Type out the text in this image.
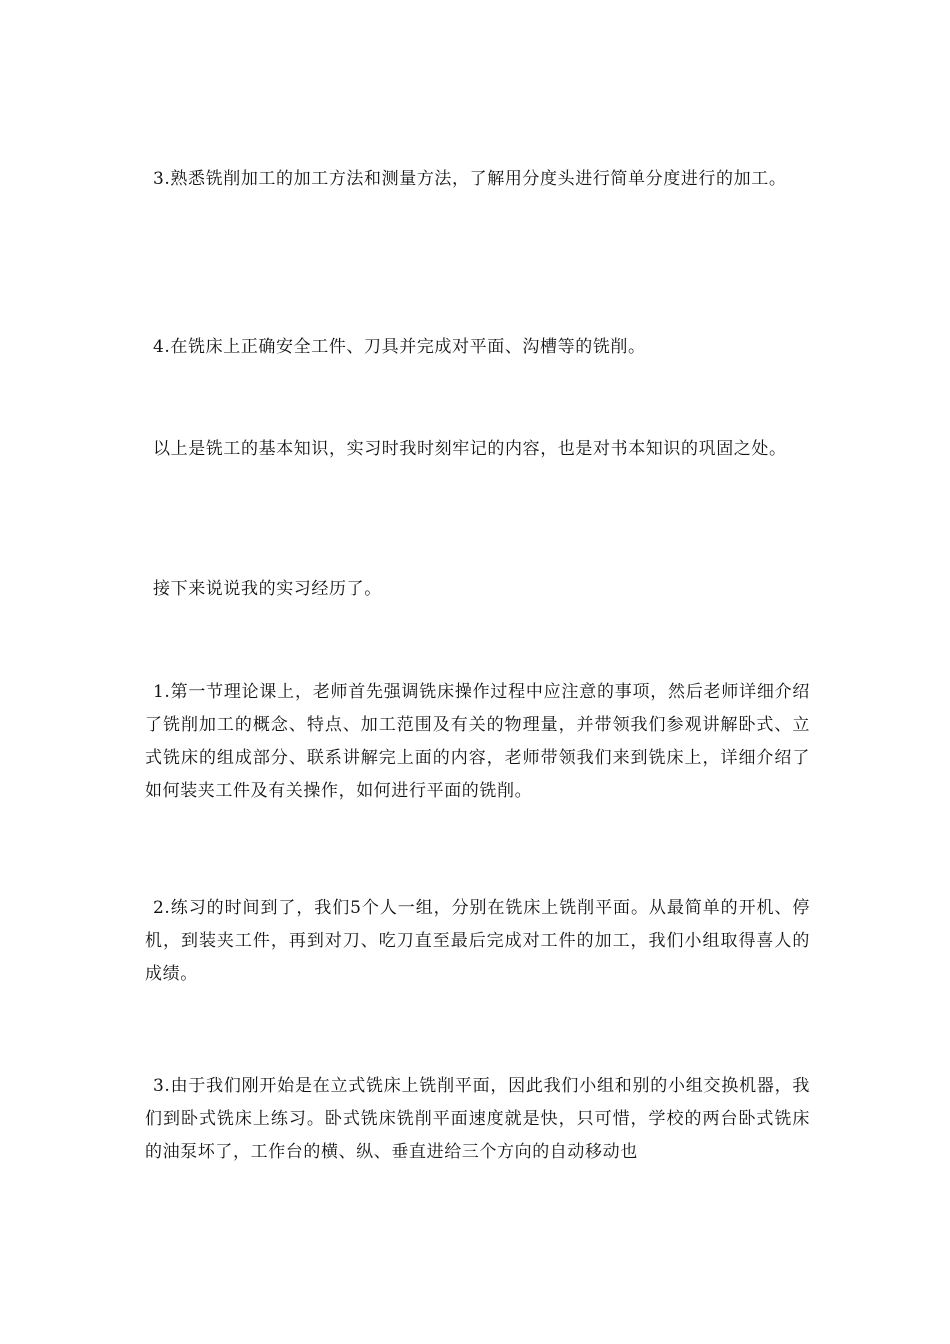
3.熟悉铣削加工的加工方法和测量方法，了解用分度头进行简单分度进行的加工。

4.在铣床上正确安全工件、刀具并完成对平面、沟槽等的铣削。

以上是铣工的基本知识，实习时我时刻牢记的内容，也是对书本知识的巩固之处。

接下来说说我的实习经历了。

1.第一节理论课上，老师首先强调铣床操作过程中应注意的事项，然后老师详细介绍了铣削加工的概念、特点、加工范围及有关的物理量，并带领我们参观讲解卧式、立式铣床的组成部分、联系讲解完上面的内容，老师带领我们来到铣床上，详细介绍了如何装夹工件及有关操作，如何进行平面的铣削。

2.练习的时间到了，我们5个人一组，分别在铣床上铣削平面。从最简单的开机、停机，到装夹工件，再到对刀、吃刀直至最后完成对工件的加工，我们小组取得喜人的成绩。

3.由于我们刚开始是在立式铣床上铣削平面，因此我们小组和别的小组交换机器，我们到卧式铣床上练习。卧式铣床铣削平面速度就是快，只可惜，学校的两台卧式铣床的油泵坏了，工作台的横、纵、垂直进给三个方向的自动移动也
